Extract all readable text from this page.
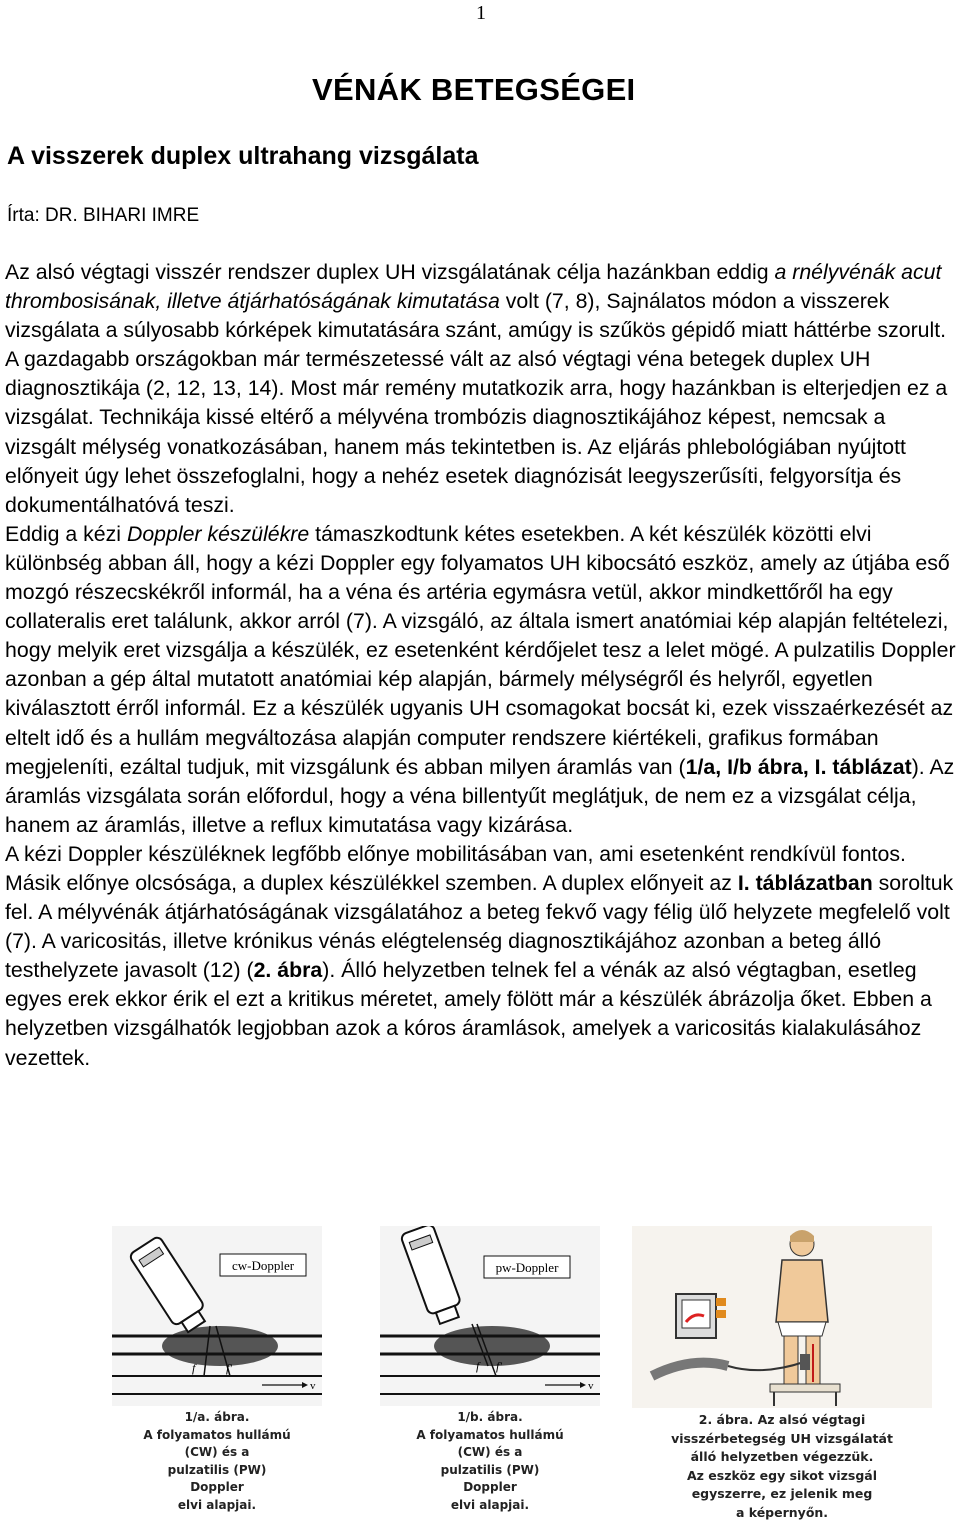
1
VÉNÁK BETEGSÉGEI
A visszerek duplex ultrahang vizsgálata
Írta: DR. BIHARI IMRE

Az alsó végtagi visszér rendszer duplex UH vizsgálatának célja hazánkban eddig a rnélyvénák acut thrombosisának, illetve átjárhatóságának kimutatása volt (7, 8), Sajnálatos módon a visszerek vizsgálata a súlyosabb kórképek kimutatására szánt, amúgy is szűkös gépidő miatt háttérbe szorult. A gazdagabb országokban már természetessé vált az alsó végtagi véna betegek duplex UH diagnosztikája (2, 12, 13, 14). Most már remény mutatkozik arra, hogy hazánkban is elterjedjen ez a vizsgálat. Technikája kissé eltérő a mélyvéna trombózis diagnosztikájához képest, nemcsak a vizsgált mélység vonatkozásában, hanem más tekintetben is. Az eljárás phlebológiában nyújtott előnyeit úgy lehet összefoglalni, hogy a nehéz esetek diagnózisát leegyszerűsíti, felgyorsítja és dokumentálhatóvá teszi.

Eddig a kézi Doppler készülékre támaszkodtunk kétes esetekben. A két készülék közötti elvi különbség abban áll, hogy a kézi Doppler egy folyamatos UH kibocsátó eszköz, amely az útjába eső mozgó részecskékről informál, ha a véna és artéria egymásra vetül, akkor mindkettőről ha egy collateralis eret találunk, akkor arról (7). A vizsgáló, az általa ismert anatómiai kép alapján feltételezi, hogy melyik eret vizsgálja a készülék, ez esetenként kérdőjelet tesz a lelet mögé. A pulzatilis Doppler azonban a gép által mutatott anatómiai kép alapján, bármely mélységről és helyről, egyetlen kiválasztott érről informál. Ez a készülék ugyanis UH csomagokat bocsát ki, ezek visszaérkezését az eltelt idő és a hullám megváltozása alapján computer rendszere kiértékeli, grafikus formában megjeleníti, ezáltal tudjuk, mit vizsgálunk és abban milyen áramlás van (1/a, I/b ábra, I. táblázat). Az áramlás vizsgálata során előfordul, hogy a véna billentyűt meglátjuk, de nem ez a vizsgálat célja, hanem az áramlás, illetve a reflux kimutatása vagy kizárása.

A kézi Doppler készüléknek legfőbb előnye mobilitásában van, ami esetenként rendkívül fontos. Másik előnye olcsósága, a duplex készülékkel szemben. A duplex előnyeit az I. táblázatban soroltuk fel. A mélyvénák átjárhatóságának vizsgálatához a beteg fekvő vagy félig ülő helyzete megfelelő volt (7). A varicositás, illetve krónikus vénás elégtelenség diagnosztikájához azonban a beteg álló testhelyzete javasolt (12) (2. ábra). Álló helyzetben telnek fel a vénák az alsó végtagban, esetleg egyes erek ekkor érik el ezt a kritikus méretet, amely fölött már a készülék ábrázolja őket. Ebben a helyzetben vizsgálhatók legjobban azok a kóros áramlások, amelyek a varicositás kialakulásához vezettek.

v
f	f'
cw-Doppler
1/a. ábra.
A folyamatos hullámú
(CW) és a
pulzatilis (PW)
Doppler
elvi alapjai.
v
f f'
pw-Doppler
1/b. ábra.
A folyamatos hullámú
(CW) és a
pulzatilis (PW)
Doppler
elvi alapjai.
2. ábra. Az alsó végtagi
visszérbetegség UH vizsgálatát
álló helyzetben végezzük.
Az eszköz egy sikot vizsgál
egyszerre, ez jelenik meg
a képernyőn.
